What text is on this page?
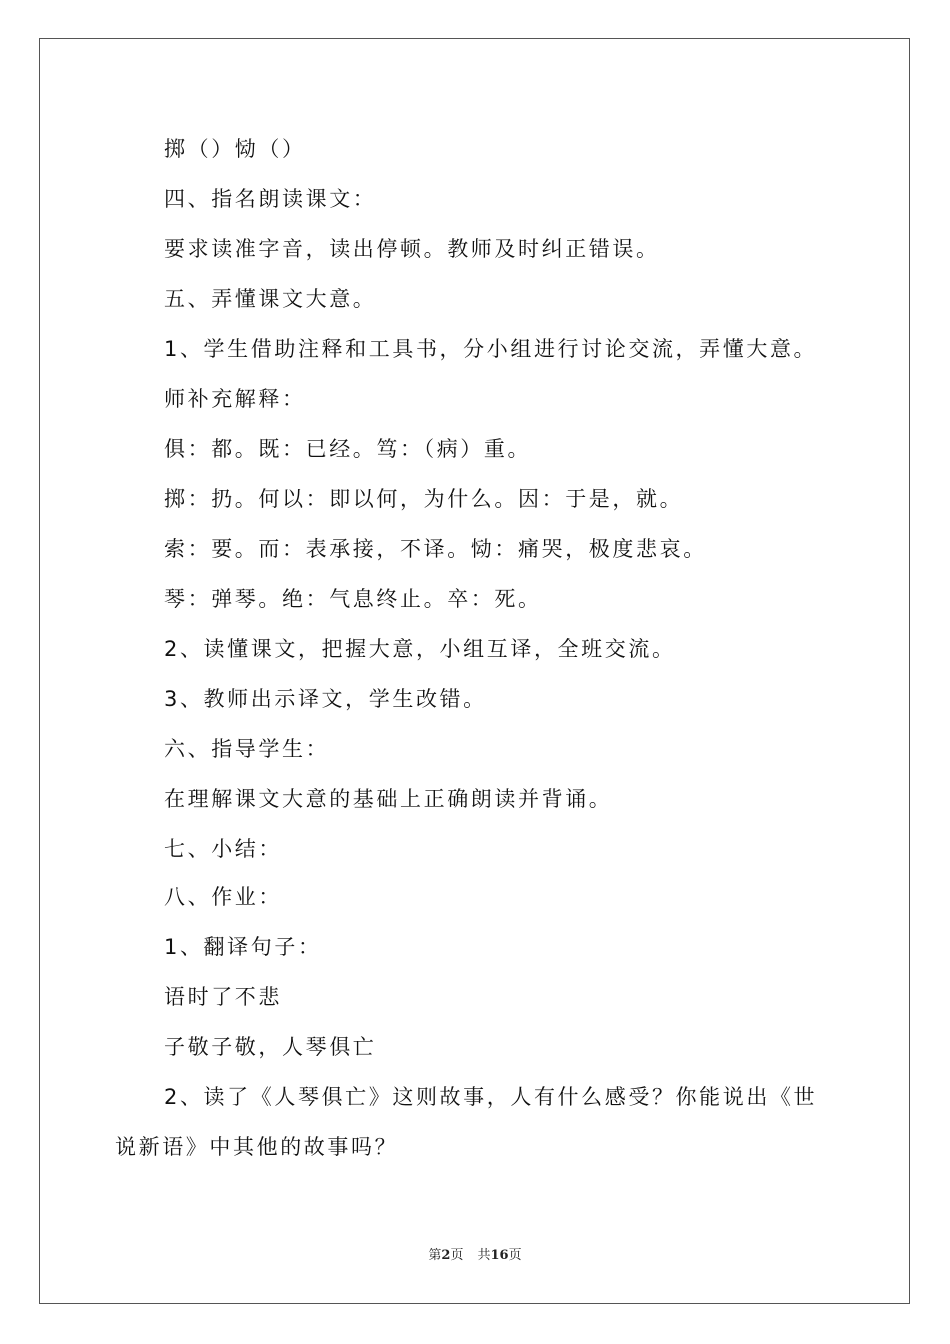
掷（）恸（）
四、指名朗读课文：
要求读准字音，读出停顿。教师及时纠正错误。
五、弄懂课文大意。
1、学生借助注释和工具书，分小组进行讨论交流，弄懂大意。
师补充解释：
俱：都。既：已经。笃：（病）重。
掷：扔。何以：即以何，为什么。因：于是，就。
索：要。而：表承接，不译。恸：痛哭，极度悲哀。
琴：弹琴。绝：气息终止。卒：死。
2、读懂课文，把握大意，小组互译，全班交流。
3、教师出示译文，学生改错。
六、指导学生：
在理解课文大意的基础上正确朗读并背诵。
七、小结：
八、作业：
1、翻译句子：
语时了不悲
子敬子敬，人琴俱亡
2、读了《人琴俱亡》这则故事，人有什么感受？你能说出《世
说新语》中其他的故事吗？
第2页 共16页
